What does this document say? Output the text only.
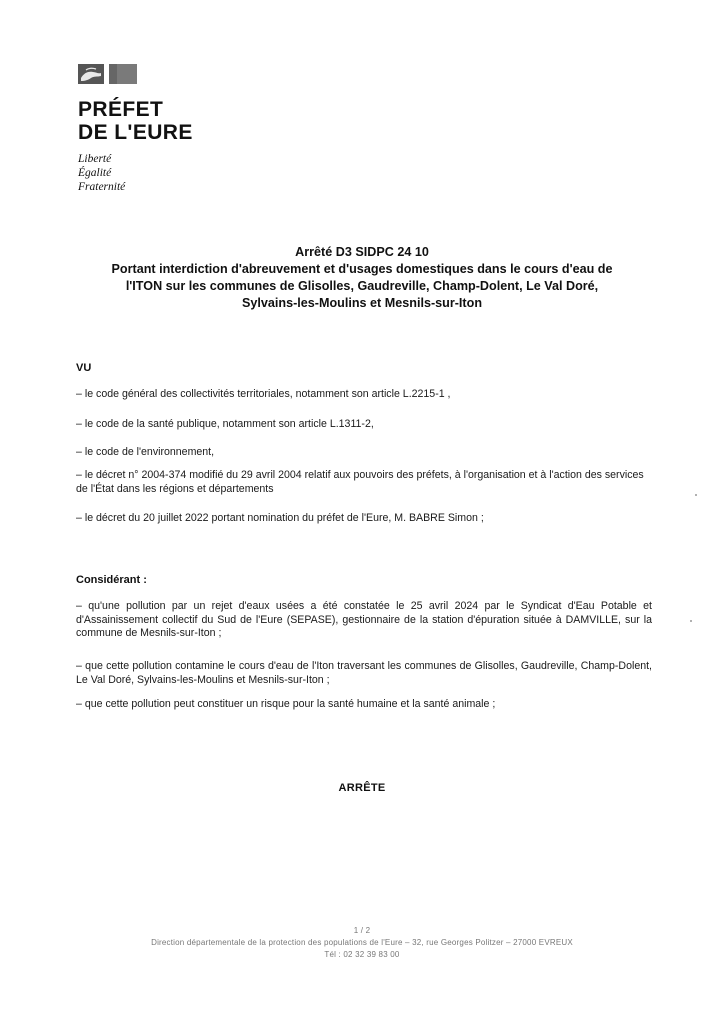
PRÉFET
DE L'EURE
Liberté
Égalité
Fraternité
Arrêté D3 SIDPC 24 10
Portant interdiction d'abreuvement et d'usages domestiques dans le cours d'eau de
l'ITON sur les communes de Glisolles, Gaudreville, Champ-Dolent, Le Val Doré,
Sylvains-les-Moulins et Mesnils-sur-Iton
VU
– le code général des collectivités territoriales, notamment son article L.2215-1 ,
– le code de la santé publique, notamment son article L.1311-2,
– le code de l'environnement,
– le décret n° 2004-374 modifié du 29 avril 2004 relatif aux pouvoirs des préfets, à l'organisation et à l'action des services de l'État dans les régions et départements
– le décret du 20 juillet 2022 portant nomination du préfet de l'Eure, M. BABRE Simon ;
Considérant :
– qu'une pollution par un rejet d'eaux usées a été constatée le 25 avril 2024 par le Syndicat d'Eau Potable et d'Assainissement collectif du Sud de l'Eure (SEPASE), gestionnaire de la station d'épuration située à DAMVILLE, sur la commune de Mesnils-sur-Iton ;
– que cette pollution contamine le cours d'eau de l'Iton traversant les communes de Glisolles, Gaudreville, Champ-Dolent, Le Val Doré, Sylvains-les-Moulins et Mesnils-sur-Iton ;
– que cette pollution peut constituer un risque pour la santé humaine et la santé animale ;
ARRÊTE
1 / 2
Direction départementale de la protection des populations de l'Eure – 32, rue Georges Politzer – 27000 EVREUX
Tél : 02 32 39 83 00
